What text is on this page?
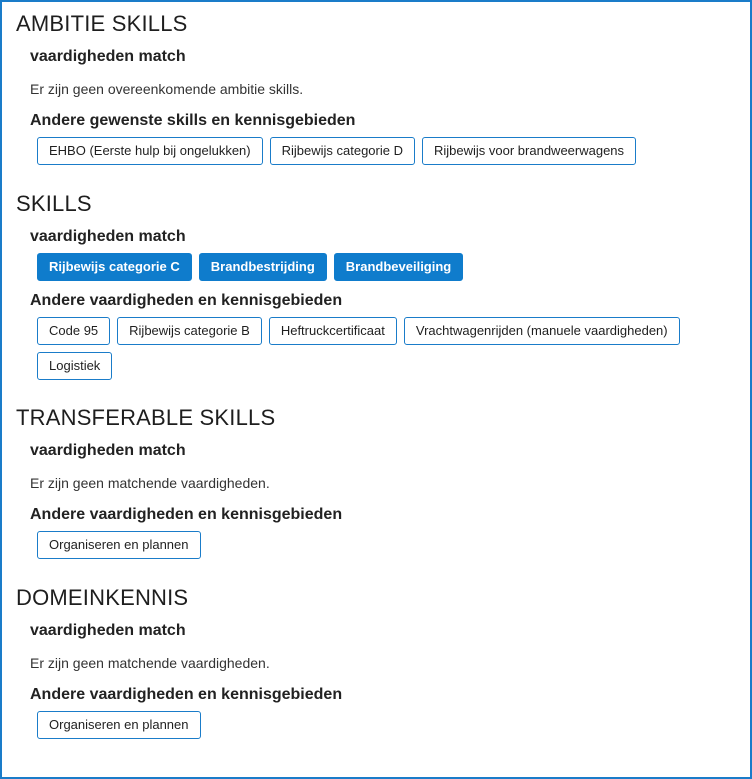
AMBITIE SKILLS
vaardigheden match
Er zijn geen overeenkomende ambitie skills.
Andere gewenste skills en kennisgebieden
EHBO (Eerste hulp bij ongelukken)	Rijbewijs categorie D	Rijbewijs voor brandweerwagens
SKILLS
vaardigheden match
Rijbewijs categorie C	Brandbestrijding	Brandbeveiliging
Andere vaardigheden en kennisgebieden
Code 95	Rijbewijs categorie B	Heftruckcertificaat	Vrachtwagenrijden (manuele vaardigheden)
Logistiek
TRANSFERABLE SKILLS
vaardigheden match
Er zijn geen matchende vaardigheden.
Andere vaardigheden en kennisgebieden
Organiseren en plannen
DOMEINKENNIS
vaardigheden match
Er zijn geen matchende vaardigheden.
Andere vaardigheden en kennisgebieden
Organiseren en plannen
